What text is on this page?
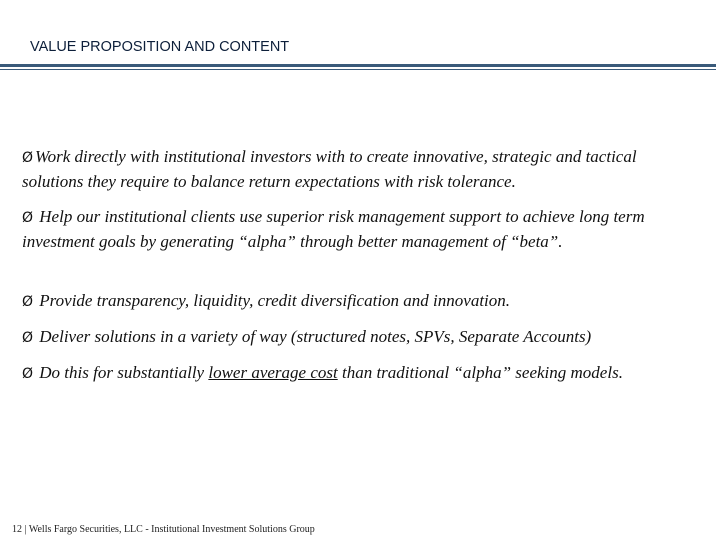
VALUE PROPOSITION AND CONTENT
Ø Work directly with institutional investors with to create innovative, strategic and tactical solutions they require to balance return expectations with risk tolerance.
Ø Help our institutional clients use superior risk management support to achieve long term investment goals by generating “alpha” through better management of “beta”.
Ø Provide transparency, liquidity, credit diversification and innovation.
Ø Deliver solutions in a variety of way (structured notes, SPVs, Separate Accounts)
Ø Do this for substantially lower average cost than traditional “alpha” seeking models.
12 | Wells Fargo Securities, LLC - Institutional Investment Solutions Group
